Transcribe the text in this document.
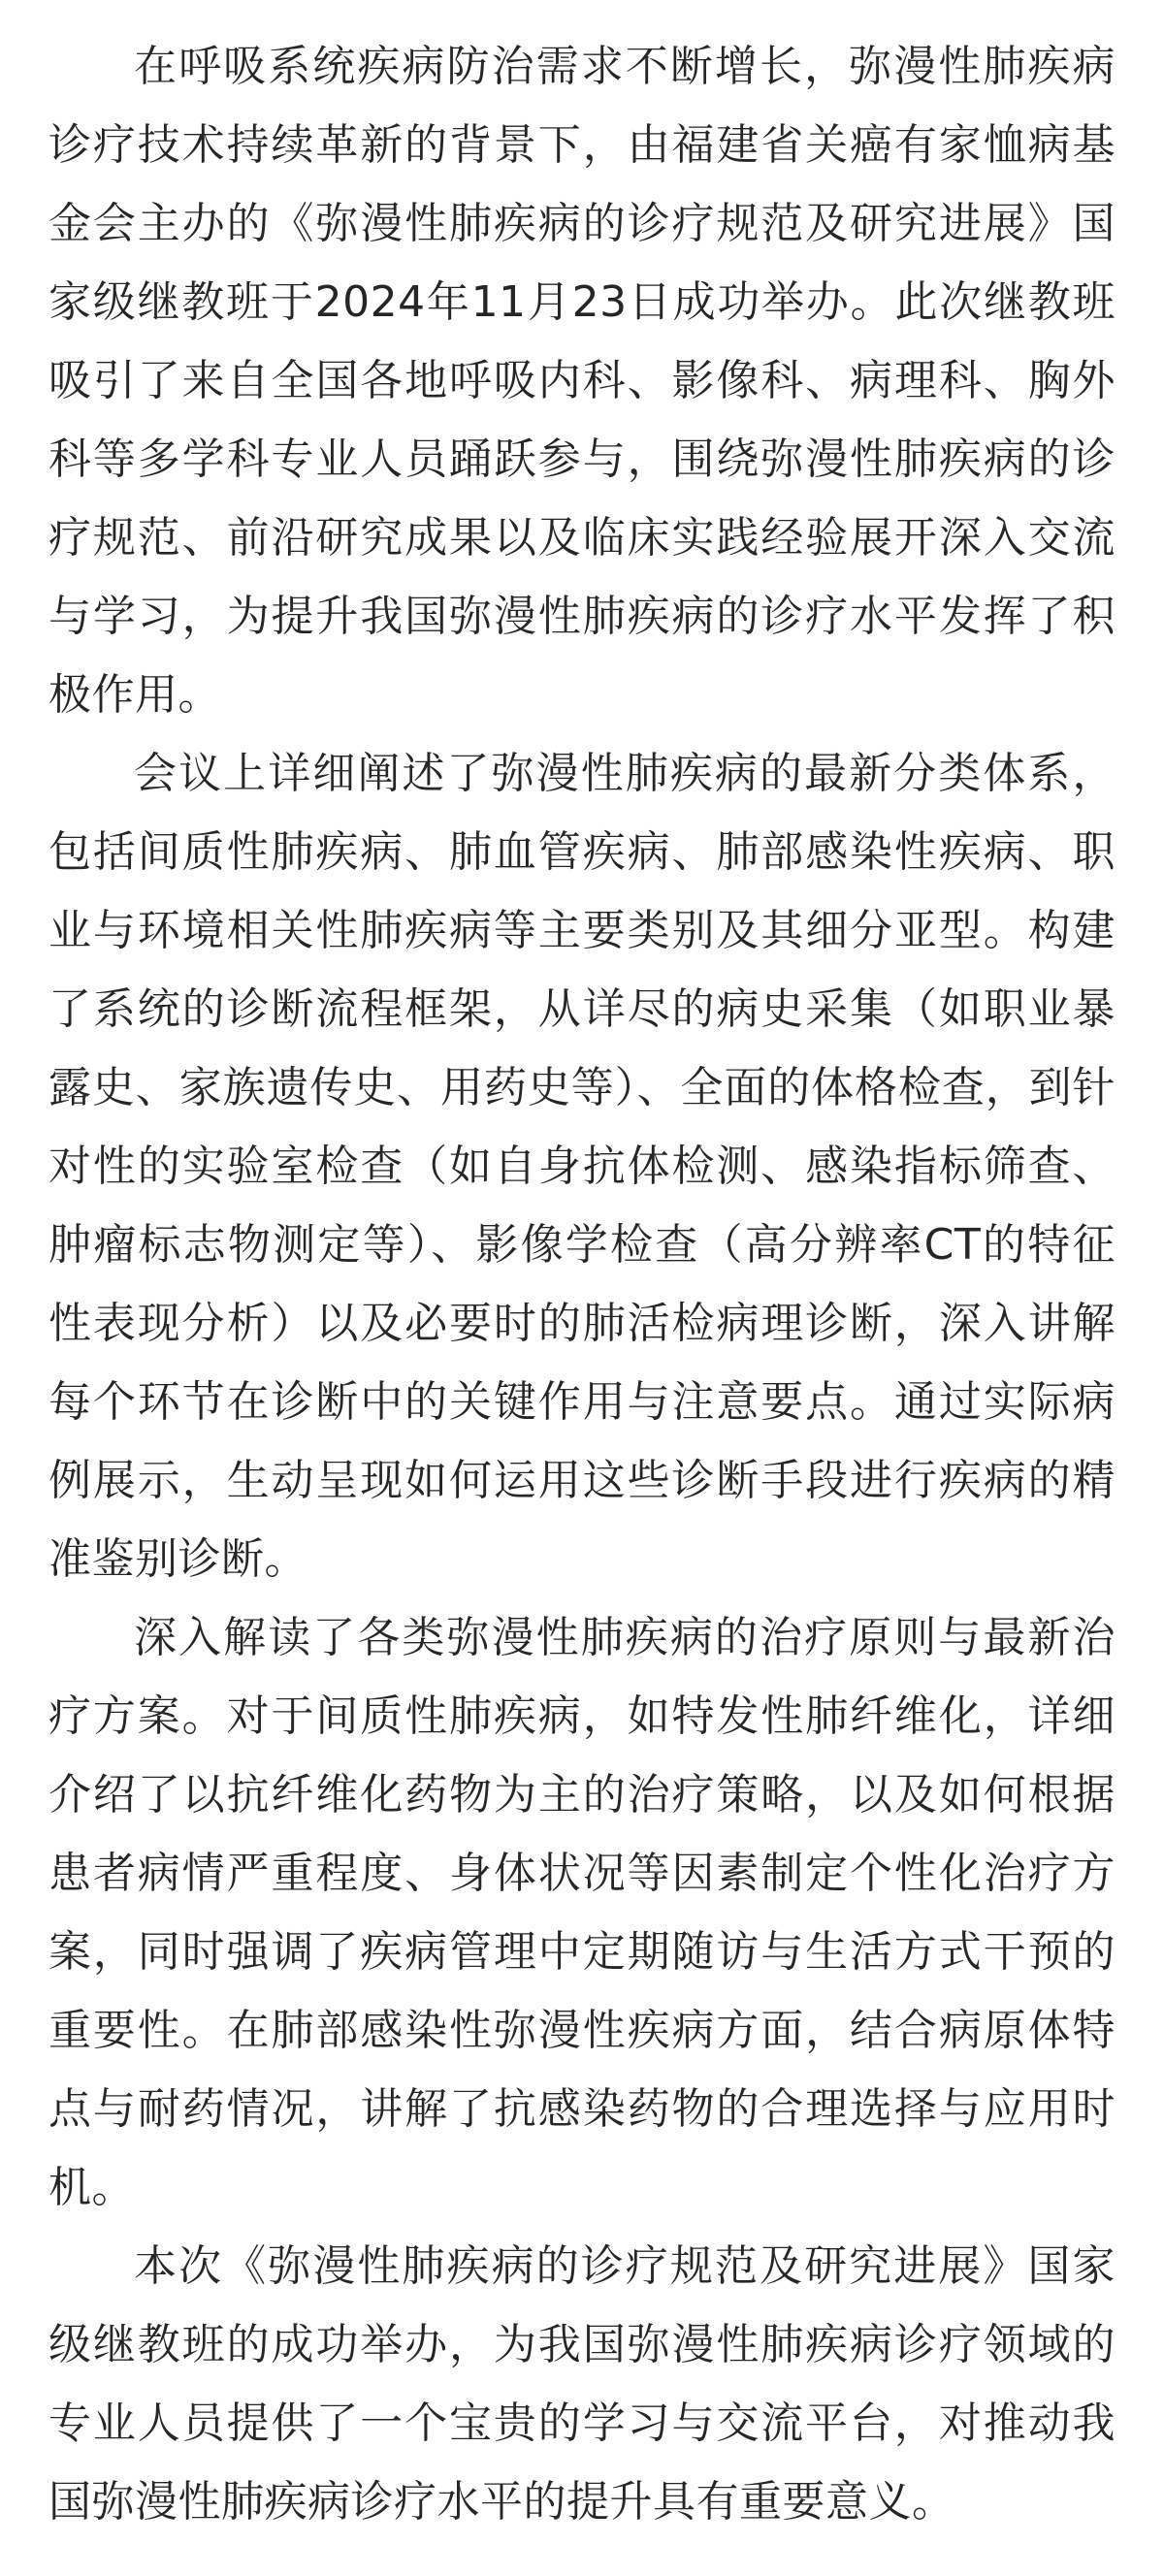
在呼吸系统疾病防治需求不断增长，弥漫性肺疾病诊疗技术持续革新的背景下，由福建省关癌有家恤病基金会主办的《弥漫性肺疾病的诊疗规范及研究进展》国家级继教班于2024年11月23日成功举办。此次继教班吸引了来自全国各地呼吸内科、影像科、病理科、胸外科等多学科专业人员踊跃参与，围绕弥漫性肺疾病的诊疗规范、前沿研究成果以及临床实践经验展开深入交流与学习，为提升我国弥漫性肺疾病的诊疗水平发挥了积极作用。

会议上详细阐述了弥漫性肺疾病的最新分类体系，包括间质性肺疾病、肺血管疾病、肺部感染性疾病、职业与环境相关性肺疾病等主要类别及其细分亚型。构建了系统的诊断流程框架，从详尽的病史采集（如职业暴露史、家族遗传史、用药史等）、全面的体格检查，到针对性的实验室检查（如自身抗体检测、感染指标筛查、肿瘤标志物测定等）、影像学检查（高分辨率CT的特征性表现分析）以及必要时的肺活检病理诊断，深入讲解每个环节在诊断中的关键作用与注意要点。通过实际病例展示，生动呈现如何运用这些诊断手段进行疾病的精准鉴别诊断。

深入解读了各类弥漫性肺疾病的治疗原则与最新治疗方案。对于间质性肺疾病，如特发性肺纤维化，详细介绍了以抗纤维化药物为主的治疗策略，以及如何根据患者病情严重程度、身体状况等因素制定个性化治疗方案，同时强调了疾病管理中定期随访与生活方式干预的重要性。在肺部感染性弥漫性疾病方面，结合病原体特点与耐药情况，讲解了抗感染药物的合理选择与应用时机。

本次《弥漫性肺疾病的诊疗规范及研究进展》国家级继教班的成功举办，为我国弥漫性肺疾病诊疗领域的专业人员提供了一个宝贵的学习与交流平台，对推动我国弥漫性肺疾病诊疗水平的提升具有重要意义。
